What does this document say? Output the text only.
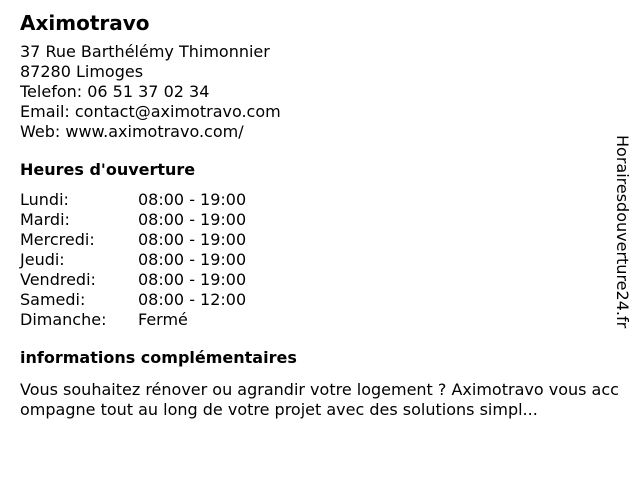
Aximotravo
37 Rue Barthélémy Thimonnier
87280 Limoges
Telefon: 06 51 37 02 34
Email: contact@aximotravo.com
Web: www.aximotravo.com/
Heures d'ouverture
Lundi:	08:00 - 19:00
Mardi:	08:00 - 19:00
Mercredi:	08:00 - 19:00
Jeudi:	08:00 - 19:00
Vendredi:	08:00 - 19:00
Samedi:	08:00 - 12:00
Dimanche:	Fermé
informations complémentaires
Vous souhaitez rénover ou agrandir votre logement ? Aximotravo vous accompagne tout au long de votre projet avec des solutions simpl...
Horairesdouverture24.fr
